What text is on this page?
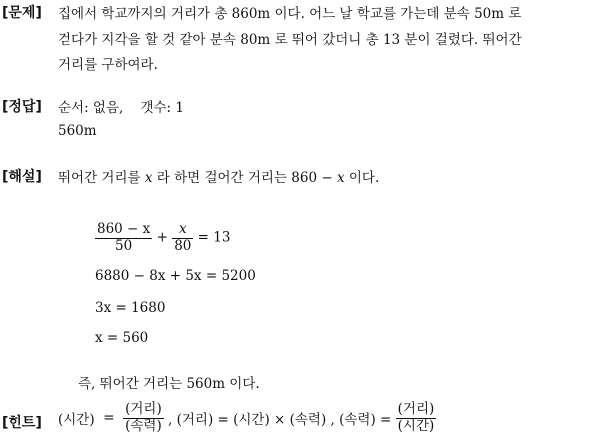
[문제] 집에서 학교까지의 거리가 총 860m 이다. 어느 날 학교를 가는데 분속 50m 로
걷다가 지각을 할 것 같아 분속 80m 로 뛰어 갔더니 총 13 분이 걸렸다. 뛰어간
거리를 구하여라.
[정답] 순서: 없음,    갯수: 1
560m
[해설] 뛰어간 거리를 x 라 하면 걸어간 거리는 860 − x 이다.
$\frac{860 - x}{50} + \frac{x}{80} = 13$
6880 − 8x + 5x = 5200
3x = 1680
x = 560
즉, 뛰어간 거리는 560m 이다.
[힌트] (시간) = $\frac{\text{(거리)}}{\text{(속력)}}$ , (거리) = (시간) × (속력) , (속력) = $\frac{\text{(거리)}}{\text{(시간)}}$
